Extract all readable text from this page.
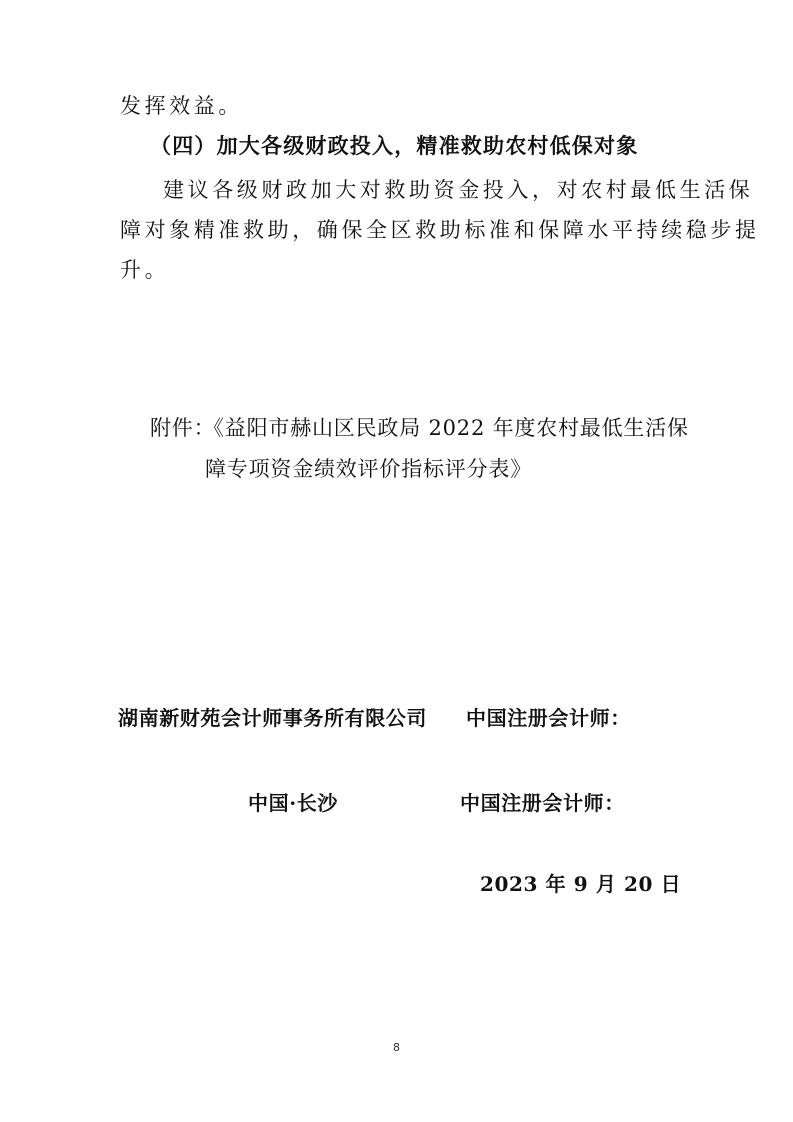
发挥效益。
（四）加大各级财政投入，精准救助农村低保对象
建议各级财政加大对救助资金投入，对农村最低生活保
障对象精准救助，确保全区救助标准和保障水平持续稳步提
升。
附件：
《益阳市赫山区民政局 2022 年度农村最低生活保
障专项资金绩效评价指标评分表》
湖南新财苑会计师事务所有限公司 中国注册会计师：
中国·长沙	中国注册会计师：
2023 年 9 月 20 日
8
